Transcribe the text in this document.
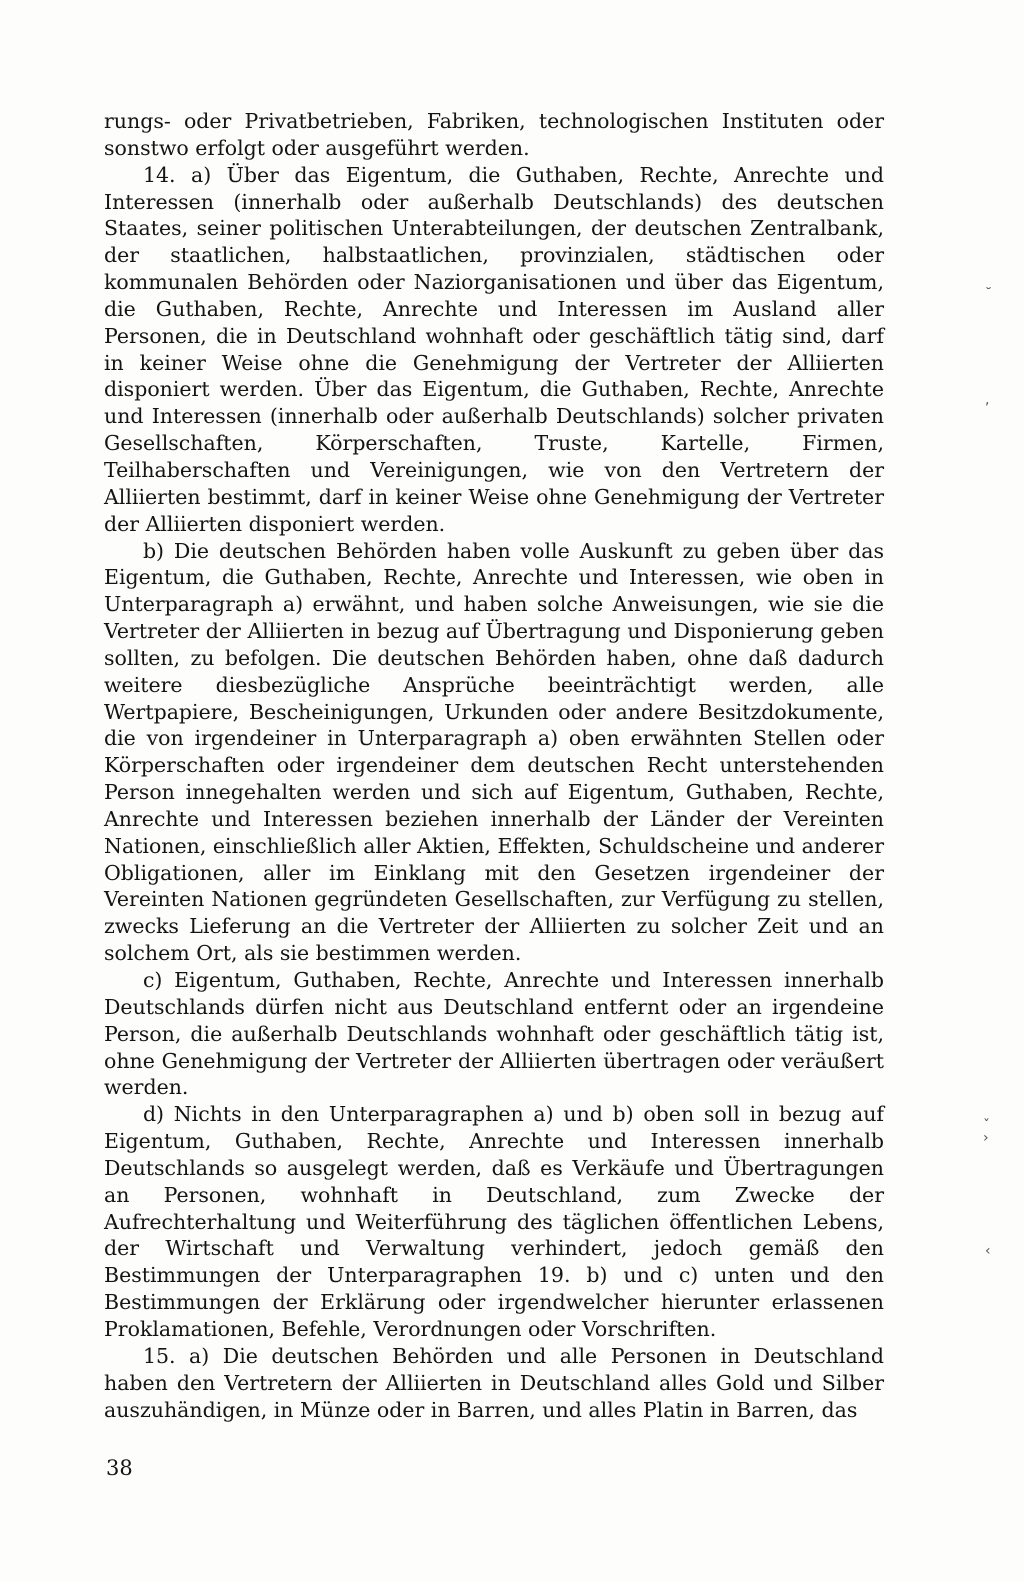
rungs- oder Privatbetrieben, Fabriken, technologischen Instituten oder sonstwo erfolgt oder ausgeführt werden.

14. a) Über das Eigentum, die Guthaben, Rechte, Anrechte und Interessen (innerhalb oder außerhalb Deutschlands) des deutschen Staates, seiner politischen Unterabteilungen, der deutschen Zentralbank, der staatlichen, halbstaatlichen, provinzialen, städtischen oder kommunalen Behörden oder Naziorganisationen und über das Eigentum, die Guthaben, Rechte, Anrechte und Interessen im Ausland aller Personen, die in Deutschland wohnhaft oder geschäftlich tätig sind, darf in keiner Weise ohne die Genehmigung der Vertreter der Alliierten disponiert werden. Über das Eigentum, die Guthaben, Rechte, Anrechte und Interessen (innerhalb oder außerhalb Deutschlands) solcher privaten Gesellschaften, Körperschaften, Truste, Kartelle, Firmen, Teilhaberschaften und Vereinigungen, wie von den Vertretern der Alliierten bestimmt, darf in keiner Weise ohne Genehmigung der Vertreter der Alliierten disponiert werden.

b) Die deutschen Behörden haben volle Auskunft zu geben über das Eigentum, die Guthaben, Rechte, Anrechte und Interessen, wie oben in Unterparagraph a) erwähnt, und haben solche Anweisungen, wie sie die Vertreter der Alliierten in bezug auf Übertragung und Disponierung geben sollten, zu befolgen. Die deutschen Behörden haben, ohne daß dadurch weitere diesbezügliche Ansprüche beeinträchtigt werden, alle Wertpapiere, Bescheinigungen, Urkunden oder andere Besitzdokumente, die von irgendeiner in Unterparagraph a) oben erwähnten Stellen oder Körperschaften oder irgendeiner dem deutschen Recht unterstehenden Person innegehalten werden und sich auf Eigentum, Guthaben, Rechte, Anrechte und Interessen beziehen innerhalb der Länder der Vereinten Nationen, einschließlich aller Aktien, Effekten, Schuldscheine und anderer Obligationen, aller im Einklang mit den Gesetzen irgendeiner der Vereinten Nationen gegründeten Gesellschaften, zur Verfügung zu stellen, zwecks Lieferung an die Vertreter der Alliierten zu solcher Zeit und an solchem Ort, als sie bestimmen werden.

c) Eigentum, Guthaben, Rechte, Anrechte und Interessen innerhalb Deutschlands dürfen nicht aus Deutschland entfernt oder an irgendeine Person, die außerhalb Deutschlands wohnhaft oder geschäftlich tätig ist, ohne Genehmigung der Vertreter der Alliierten übertragen oder veräußert werden.

d) Nichts in den Unterparagraphen a) und b) oben soll in bezug auf Eigentum, Guthaben, Rechte, Anrechte und Interessen innerhalb Deutschlands so ausgelegt werden, daß es Verkäufe und Übertragungen an Personen, wohnhaft in Deutschland, zum Zwecke der Aufrechterhaltung und Weiterführung des täglichen öffentlichen Lebens, der Wirtschaft und Verwaltung verhindert, jedoch gemäß den Bestimmungen der Unterparagraphen 19. b) und c) unten und den Bestimmungen der Erklärung oder irgendwelcher hierunter erlassenen Proklamationen, Befehle, Verordnungen oder Vorschriften.

15. a) Die deutschen Behörden und alle Personen in Deutschland haben den Vertretern der Alliierten in Deutschland alles Gold und Silber auszuhändigen, in Münze oder in Barren, und alles Platin in Barren, das

38
˘
,
ˇ
›
‹
